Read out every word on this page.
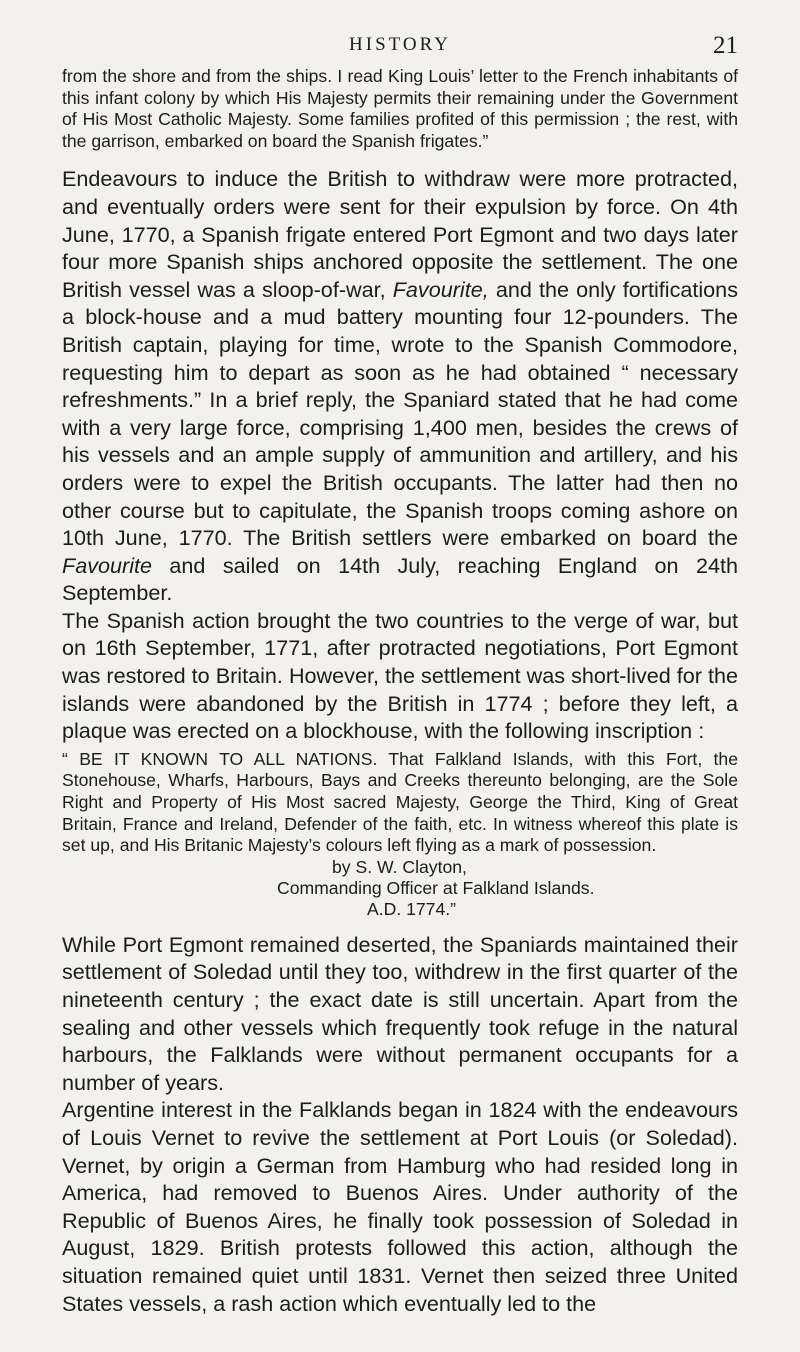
HISTORY	21

from the shore and from the ships. I read King Louis’ letter to the French inhabitants of this infant colony by which His Majesty permits their remaining under the Government of His Most Catholic Majesty. Some families profited of this permission ; the rest, with the garrison, embarked on board the Spanish frigates.”

Endeavours to induce the British to withdraw were more protracted, and eventually orders were sent for their expulsion by force. On 4th June, 1770, a Spanish frigate entered Port Egmont and two days later four more Spanish ships anchored opposite the settlement. The one British vessel was a sloop-of-war, Favourite, and the only fortifications a block-house and a mud battery mounting four 12-pounders. The British captain, playing for time, wrote to the Spanish Commodore, requesting him to depart as soon as he had obtained “ necessary refreshments.” In a brief reply, the Spaniard stated that he had come with a very large force, comprising 1,400 men, besides the crews of his vessels and an ample supply of ammunition and artillery, and his orders were to expel the British occupants. The latter had then no other course but to capitulate, the Spanish troops coming ashore on 10th June, 1770. The British settlers were embarked on board the Favourite and sailed on 14th July, reaching England on 24th September.

The Spanish action brought the two countries to the verge of war, but on 16th September, 1771, after protracted negotiations, Port Egmont was restored to Britain. However, the settlement was short-lived for the islands were abandoned by the British in 1774 ; before they left, a plaque was erected on a blockhouse, with the following inscription :

“ BE IT KNOWN TO ALL NATIONS. That Falkland Islands, with this Fort, the Stonehouse, Wharfs, Harbours, Bays and Creeks thereunto belonging, are the Sole Right and Property of His Most sacred Majesty, George the Third, King of Great Britain, France and Ireland, Defender of the faith, etc. In witness whereof this plate is set up, and His Britanic Majesty’s colours left flying as a mark of possession.

by S. W. Clayton,
Commanding Officer at Falkland Islands.
A.D. 1774.”

While Port Egmont remained deserted, the Spaniards maintained their settlement of Soledad until they too, withdrew in the first quarter of the nineteenth century ; the exact date is still uncertain. Apart from the sealing and other vessels which frequently took refuge in the natural harbours, the Falklands were without permanent occupants for a number of years.

Argentine interest in the Falklands began in 1824 with the endeavours of Louis Vernet to revive the settlement at Port Louis (or Soledad). Vernet, by origin a German from Hamburg who had resided long in America, had removed to Buenos Aires. Under authority of the Republic of Buenos Aires, he finally took possession of Soledad in August, 1829. British protests followed this action, although the situation remained quiet until 1831. Vernet then seized three United States vessels, a rash action which eventually led to the
